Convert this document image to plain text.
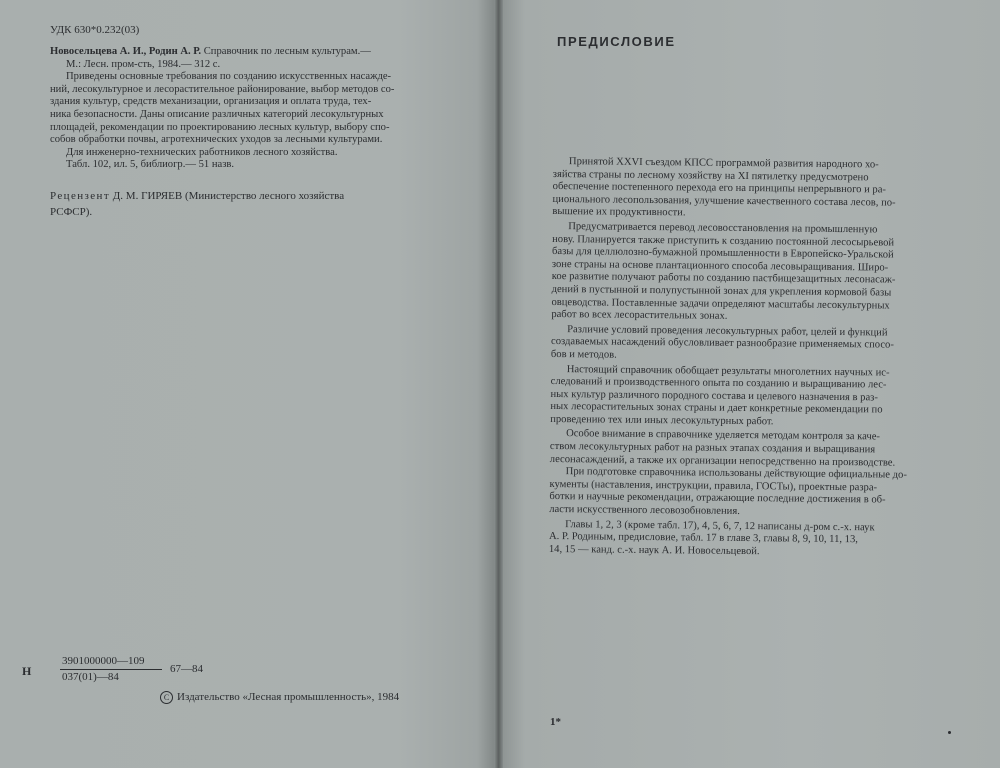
УДК 630*0.232(03)
Новосельцева А. И., Родин А. Р. Справочник по лесным культурам.—
М.: Лесн. пром-сть, 1984.— 312 с.
Приведены основные требования по созданию искусственных насажде-
ний, лесокультурное и лесорастительное районирование, выбор методов со-
здания культур, средств механизации, организация и оплата труда, тех-
ника безопасности. Даны описание различных категорий лесокультурных
площадей, рекомендации по проектированию лесных культур, выбору спо-
собов обработки почвы, агротехнических уходов за лесными культурами.
Для инженерно-технических работников лесного хозяйства.
Табл. 102, ил. 5, библиогр.— 51 назв.
Рецензент Д. М. ГИРЯЕВ (Министерство лесного хозяйства
РСФСР).
Н
3901000000—109
037(01)—84
67—84
C Издательство «Лесная промышленность», 1984
ПРЕДИСЛОВИЕ
Принятой XXVI съездом КПСС программой развития народного хо-
зяйства страны по лесному хозяйству на XI пятилетку предусмотрено
обеспечение постепенного перехода его на принципы непрерывного и ра-
ционального лесопользования, улучшение качественного состава лесов, по-
вышение их продуктивности.
Предусматривается перевод лесовосстановления на промышленную
нову. Планируется также приступить к созданию постоянной лесосырьевой
базы для целлюлозно-бумажной промышленности в Европейско-Уральской
зоне страны на основе плантационного способа лесовыращивания. Широ-
кое развитие получают работы по созданию пастбищезащитных лесонасаж-
дений в пустынной и полупустынной зонах для укрепления кормовой базы
овцеводства. Поставленные задачи определяют масштабы лесокультурных
работ во всех лесорастительных зонах.
Различие условий проведения лесокультурных работ, целей и функций
создаваемых насаждений обусловливает разнообразие применяемых спосо-
бов и методов.
Настоящий справочник обобщает результаты многолетних научных ис-
следований и производственного опыта по созданию и выращиванию лес-
ных культур различного породного состава и целевого назначения в раз-
ных лесорастительных зонах страны и дает конкретные рекомендации по
проведению тех или иных лесокультурных работ.
Особое внимание в справочнике уделяется методам контроля за каче-
ством лесокультурных работ на разных этапах создания и выращивания
лесонасаждений, а также их организации непосредственно на производстве.
При подготовке справочника использованы действующие официальные до-
кументы (наставления, инструкции, правила, ГОСТы), проектные разра-
ботки и научные рекомендации, отражающие последние достижения в об-
ласти искусственного лесовозобновления.
Главы 1, 2, 3 (кроме табл. 17), 4, 5, 6, 7, 12 написаны д-ром с.-х. наук
А. Р. Родиным, предисловие, табл. 17 в главе 3, главы 8, 9, 10, 11, 13,
14, 15 — канд. с.-х. наук А. И. Новосельцевой.
1*
